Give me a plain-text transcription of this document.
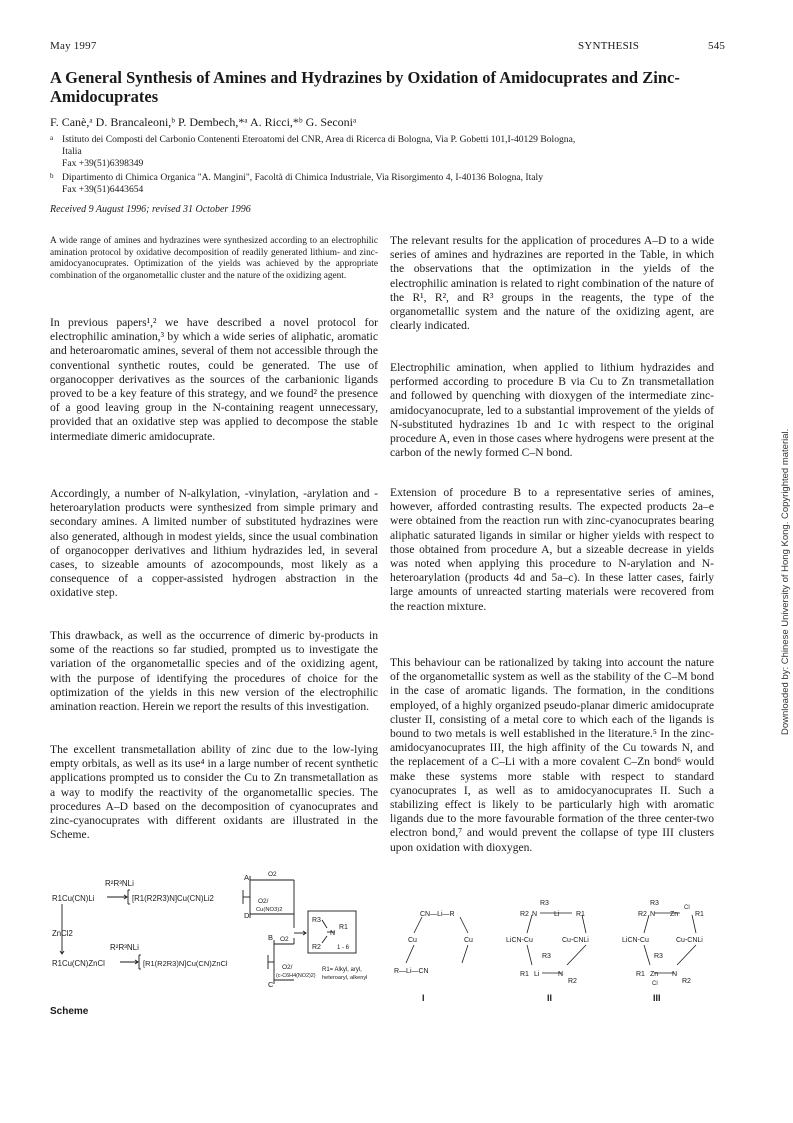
May 1997	SYNTHESIS	545
A General Synthesis of Amines and Hydrazines by Oxidation of Amidocuprates and Zinc-Amidocuprates
F. Canè,ᵃ D. Brancaleoni,ᵇ P. Dembech,*ᵃ A. Ricci,*ᵇ G. Seconiᵃ
a Istituto dei Composti del Carbonio Contenenti Eteroatomi del CNR, Area di Ricerca di Bologna, Via P. Gobetti 101,I-40129 Bologna,
Italia
Fax +39(51)6398349
b Dipartimento di Chimica Organica "A. Mangini", Facoltà di Chimica Industriale, Via Risorgimento 4, I-40136 Bologna, Italy
Fax +39(51)6443654
Received 9 August 1996; revised 31 October 1996
A wide range of amines and hydrazines were synthesized according to an electrophilic amination protocol by oxidative decomposition of readily generated lithium- and zinc-amidocyanocuprates. Optimization of the yields was achieved by the appropriate combination of the organometallic cluster and the nature of the oxidizing agent.
In previous papers¹,² we have described a novel protocol for electrophilic amination,³ by which a wide series of aliphatic, aromatic and heteroaromatic amines, several of them not accessible through the conventional synthetic routes, could be generated. The use of organocopper derivatives as the sources of the carbanionic ligands proved to be a key feature of this strategy, and we found² the presence of a good leaving group in the N-containing reagent unnecessary, provided that an oxidative step was applied to decompose the stable intermediate dimeric amidocuprate.
Accordingly, a number of N-alkylation, -vinylation, -arylation and -heteroarylation products were synthesized from simple primary and secondary amines. A limited number of substituted hydrazines were also generated, although in modest yields, since the usual combination of organocopper derivatives and lithium hydrazides led, in several cases, to sizeable amounts of azocompounds, most likely as a consequence of a copper-assisted hydrogen abstraction in the oxidative step.
This drawback, as well as the occurrence of dimeric by-products in some of the reactions so far studied, prompted us to investigate the variation of the organometallic species and of the oxidizing agent, with the purpose of identifying the procedures of choice for the optimization of the yields in this new version of the electrophilic amination reaction. Herein we report the results of this investigation.
The excellent transmetallation ability of zinc due to the low-lying empty orbitals, as well as its use⁴ in a large number of recent synthetic applications prompted us to consider the Cu to Zn transmetallation as a way to modify the reactivity of the organometallic species. The procedures A–D based on the decomposition of cyanocuprates and zinc-cyanocuprates with different oxidants are illustrated in the Scheme.
The relevant results for the application of procedures A–D to a wide series of amines and hydrazines are reported in the Table, in which the observations that the optimization in the yields of the electrophilic amination is related to right combination of the nature of the R¹, R², and R³ groups in the reagents, the type of the organometallic system and the nature of the oxidizing agent, are clearly indicated.
Electrophilic amination, when applied to lithium hydrazides and performed according to procedure B via Cu to Zn transmetallation and followed by quenching with dioxygen of the intermediate zinc-amidocyanocuprate, led to a substantial improvement of the yields of N-substituted hydrazines 1b and 1c with respect to the original procedure A, even in those cases where hydrogens were present at the carbon of the newly formed C–N bond.
Extension of procedure B to a representative series of amines, however, afforded contrasting results. The expected products 2a–e were obtained from the reaction run with zinc-cyanocuprates bearing aliphatic saturated ligands in similar or higher yields with respect to those obtained from procedure A, but a sizeable decrease in yields was noted when applying this procedure to N-arylation and N-heteroarylation (products 4d and 5a–c). In these latter cases, fairly large amounts of unreacted starting materials were recovered from the reaction mixture.
This behaviour can be rationalized by taking into account the nature of the organometallic system as well as the stability of the C–M bond in the case of aromatic ligands. The formation, in the conditions employed, of a highly organized pseudo-planar dimeric amidocuprate cluster II, consisting of a metal core to which each of the ligands is bound to two metals is well established in the literature.⁵ In the zinc-amidocyanocuprates III, the high affinity of the Cu towards N, and the replacement of a C–Li with a more covalent C–Zn bond⁶ would make these systems more stable with respect to standard cyanocuprates I, as well as to amidocyanocuprates II. Such a stabilizing effect is likely to be particularly high with aromatic ligands due to the more favourable formation of the three center-two electron bond,⁷ and would prevent the collapse of type III clusters upon oxidation with dioxygen.
R²R³NLi
R1Cu(CN)Li	[R1(R2R3)N]Cu(CN)Li2
A	O2
O2/
Cu(NO3)2
D
ZnCl2
R²R³NLi
R1Cu(CN)ZnCl	[R1(R2R3)N]Cu(CN)ZnCl
B O2
O2/
(c-C6H4(NO2)2)
C
R3
N
R1
R2	1 - 6
R1= Alkyl, aryl,
heteroaryl, alkenyl
Scheme
CN—Li—R
Cu	Cu
R—Li—CN
I
R3
R2 N Li R1
LiCN-Cu	Cu-CNLi
R3
R1 Li	N
R2
II
R3
R2 N Zn
Cl
R1
LiCN-Cu	Cu-CNLi
R3
R1 Zn
Cl
N
R2
III
Downloaded by: Chinese University of Hong Kong. Copyrighted material.
